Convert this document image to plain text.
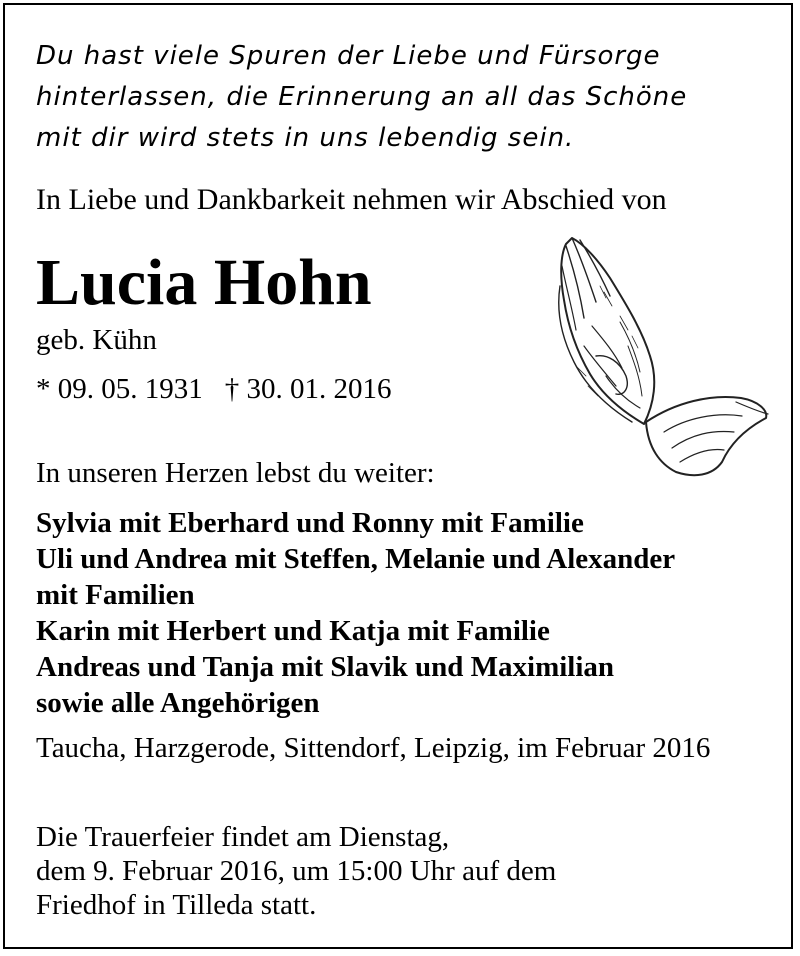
Du hast viele Spuren der Liebe und Fürsorge
hinterlassen, die Erinnerung an all das Schöne
mit dir wird stets in uns lebendig sein.
In Liebe und Dankbarkeit nehmen wir Abschied von
Lucia Hohn
geb. Kühn
* 09. 05. 1931 † 30. 01. 2016
In unseren Herzen lebst du weiter:
Sylvia mit Eberhard und Ronny mit Familie
Uli und Andrea mit Steffen, Melanie und Alexander
mit Familien
Karin mit Herbert und Katja mit Familie
Andreas und Tanja mit Slavik und Maximilian
sowie alle Angehörigen
Taucha, Harzgerode, Sittendorf, Leipzig, im Februar 2016
Die Trauerfeier findet am Dienstag,
dem 9. Februar 2016, um 15:00 Uhr auf dem
Friedhof in Tilleda statt.
